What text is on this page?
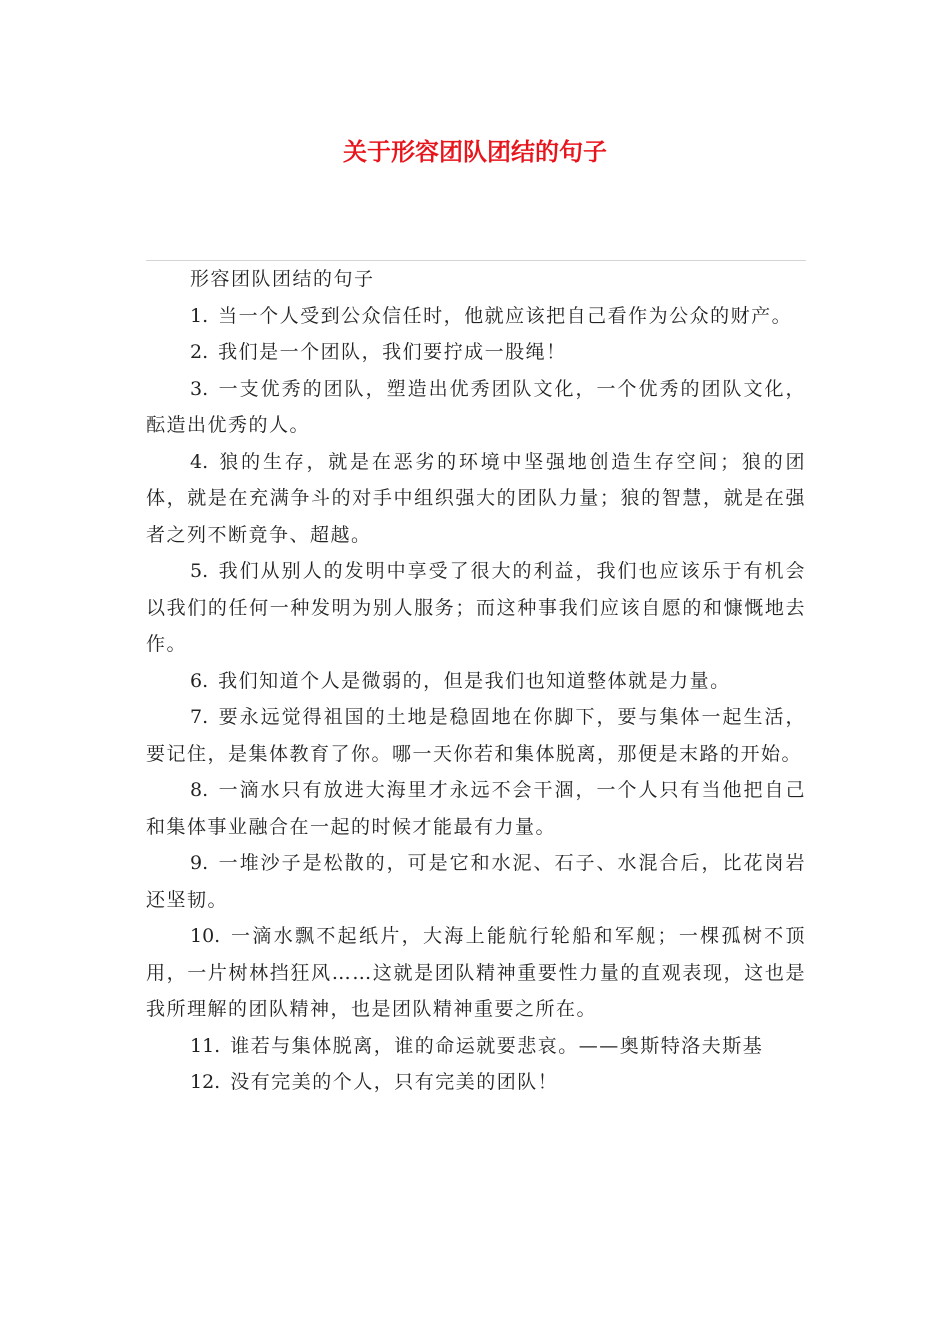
关于形容团队团结的句子

形容团队团结的句子

1. 当一个人受到公众信任时，他就应该把自己看作为公众的财产。

2. 我们是一个团队，我们要拧成一股绳！

3. 一支优秀的团队，塑造出优秀团队文化，一个优秀的团队文化，酝造出优秀的人。

4. 狼的生存，就是在恶劣的环境中坚强地创造生存空间；狼的团体，就是在充满争斗的对手中组织强大的团队力量；狼的智慧，就是在强者之列不断竟争、超越。

5. 我们从别人的发明中享受了很大的利益，我们也应该乐于有机会以我们的任何一种发明为别人服务；而这种事我们应该自愿的和慷慨地去作。

6. 我们知道个人是微弱的，但是我们也知道整体就是力量。

7. 要永远觉得祖国的土地是稳固地在你脚下，要与集体一起生活，要记住，是集体教育了你。哪一天你若和集体脱离，那便是末路的开始。

8. 一滴水只有放进大海里才永远不会干涸，一个人只有当他把自己和集体事业融合在一起的时候才能最有力量。

9. 一堆沙子是松散的，可是它和水泥、石子、水混合后，比花岗岩还坚韧。

10. 一滴水飘不起纸片，大海上能航行轮船和军舰；一棵孤树不顶用，一片树林挡狂风……这就是团队精神重要性力量的直观表现，这也是我所理解的团队精神，也是团队精神重要之所在。

11. 谁若与集体脱离，谁的命运就要悲哀。——奥斯特洛夫斯基

12. 没有完美的个人，只有完美的团队！
